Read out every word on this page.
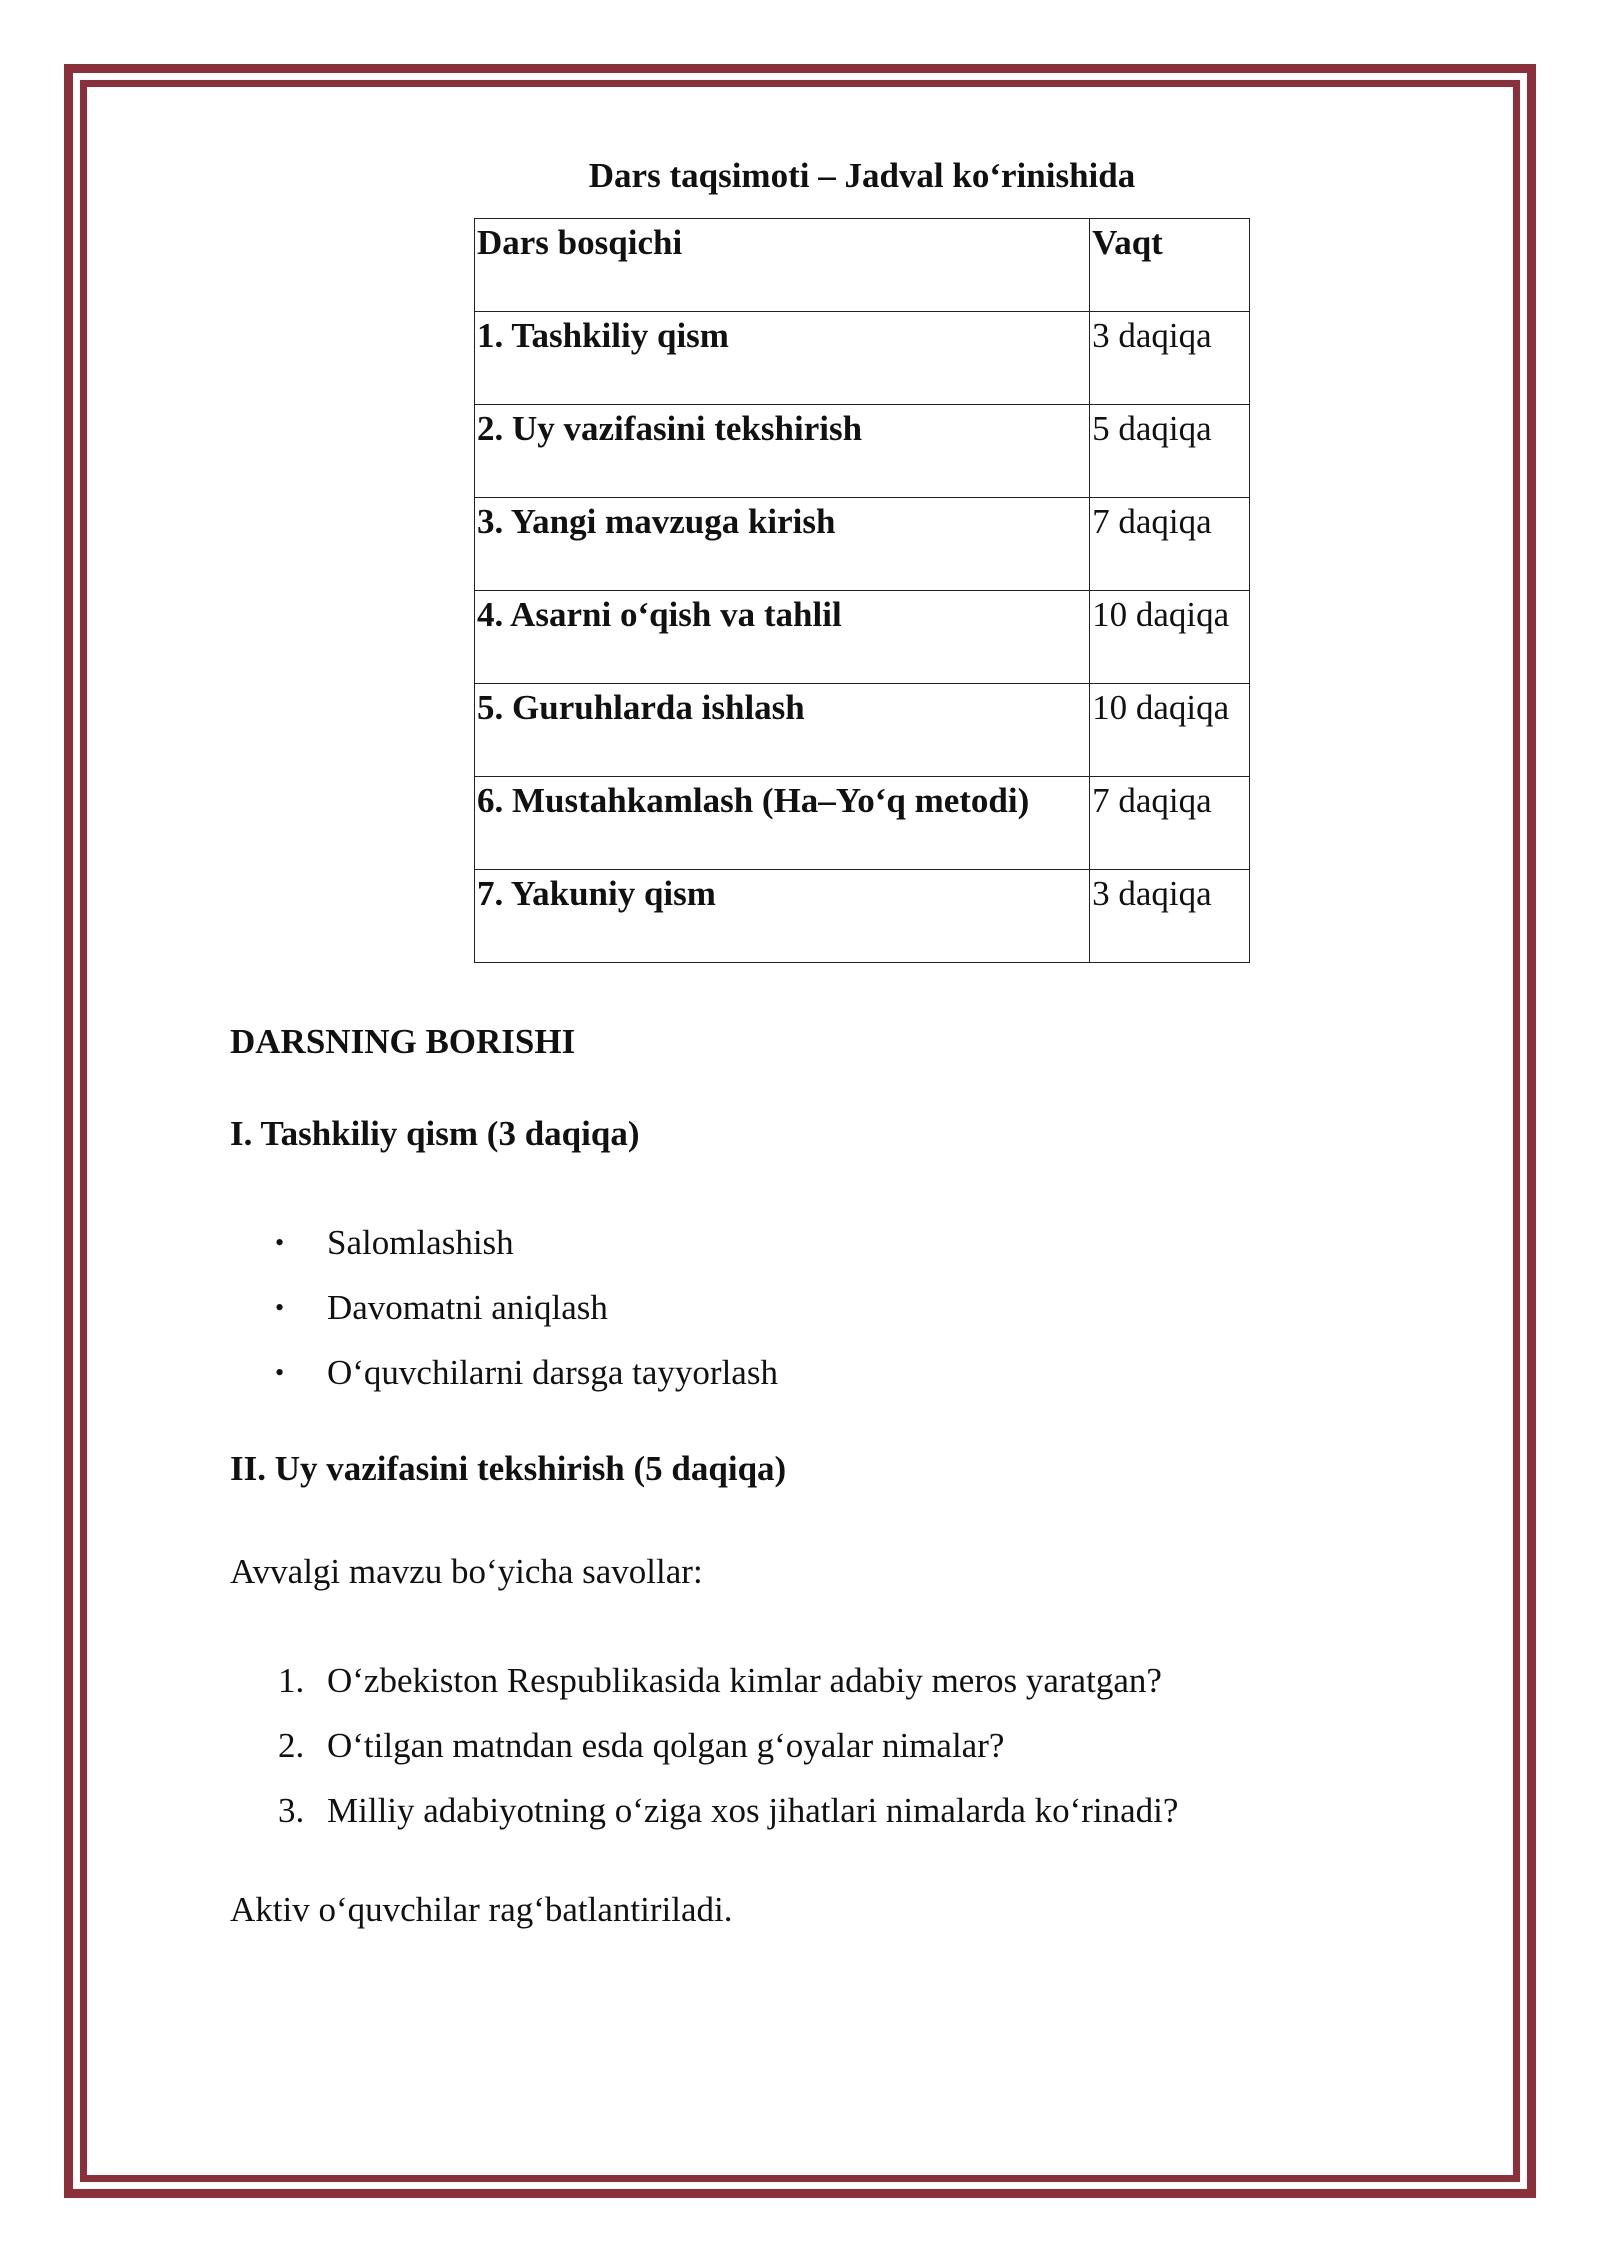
Dars taqsimoti – Jadval koʻrinishida
Dars bosqichi	Vaqt
1. Tashkiliy qism	3 daqiqa
2. Uy vazifasini tekshirish	5 daqiqa
3. Yangi mavzuga kirish	7 daqiqa
4. Asarni oʻqish va tahlil	10 daqiqa
5. Guruhlarda ishlash	10 daqiqa
6. Mustahkamlash (Ha–Yoʻq metodi)	7 daqiqa
7. Yakuniy qism	3 daqiqa
DARSNING BORISHI
I. Tashkiliy qism (3 daqiqa)
• Salomlashish
• Davomatni aniqlash
• Oʻquvchilarni darsga tayyorlash
II. Uy vazifasini tekshirish (5 daqiqa)
Avvalgi mavzu boʻyicha savollar:
1. Oʻzbekiston Respublikasida kimlar adabiy meros yaratgan?
2. Oʻtilgan matndan esda qolgan gʻoyalar nimalar?
3. Milliy adabiyotning oʻziga xos jihatlari nimalarda koʻrinadi?
Aktiv oʻquvchilar ragʻbatlantiriladi.
